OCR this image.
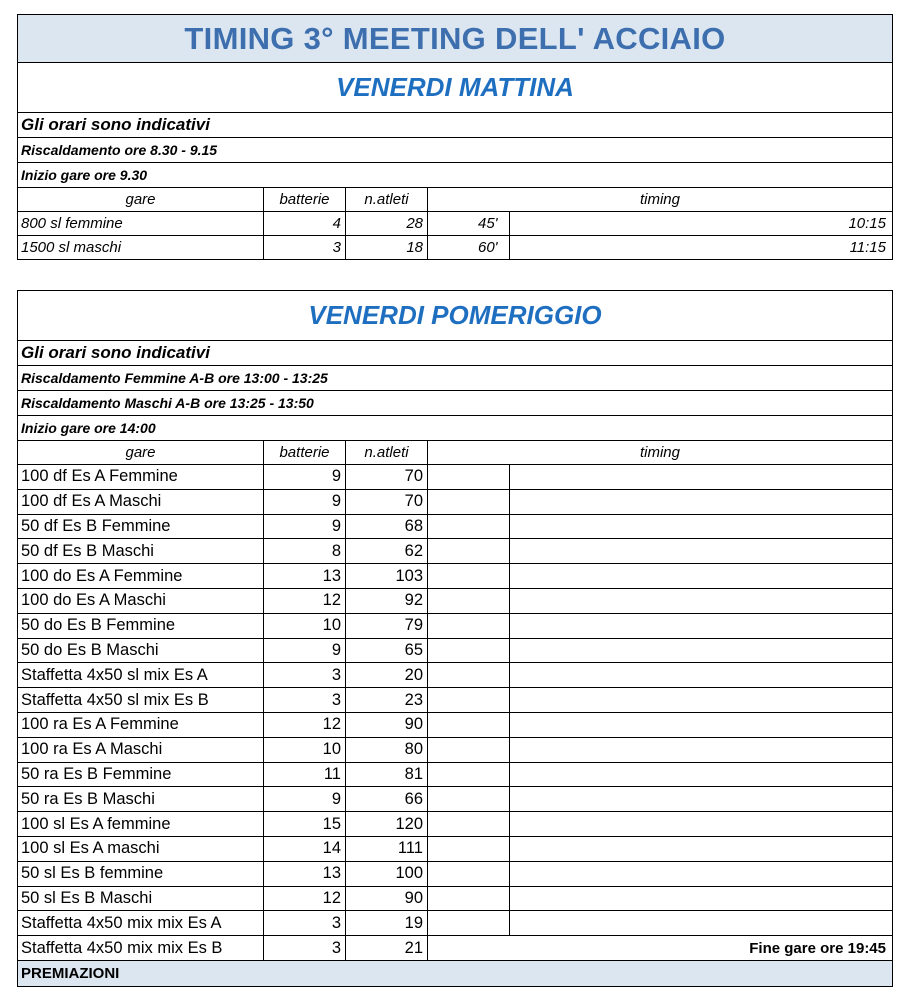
TIMING 3° MEETING DELL' ACCIAIO
VENERDI MATTINA
Gli orari sono indicativi
Riscaldamento ore 8.30 - 9.15
Inizio gare ore 9.30
gare	batterie	n.atleti	timing
800 sl femmine	4	28	45'	10:15
1500 sl maschi	3	18	60'	11:15
VENERDI POMERIGGIO
Gli orari sono indicativi
Riscaldamento Femmine A-B ore 13:00 - 13:25
Riscaldamento Maschi A-B ore 13:25 - 13:50
Inizio gare ore 14:00
gare	batterie	n.atleti	timing
100 df Es A Femmine	9	70
100 df Es A Maschi	9	70
50 df Es B Femmine	9	68
50 df Es B Maschi	8	62
100 do Es A Femmine	13	103
100 do Es A Maschi	12	92
50 do Es B Femmine	10	79
50 do Es B Maschi	9	65
Staffetta 4x50 sl mix Es A	3	20
Staffetta 4x50 sl mix Es B	3	23
100 ra Es A Femmine	12	90
100 ra Es A Maschi	10	80
50 ra Es B Femmine	11	81
50 ra Es B Maschi	9	66
100 sl Es A femmine	15	120
100 sl Es A maschi	14	111
50 sl Es B femmine	13	100
50 sl Es B Maschi	12	90
Staffetta 4x50 mix mix Es A	3	19
Staffetta 4x50 mix mix Es B	3	21	Fine gare ore 19:45
PREMIAZIONI
